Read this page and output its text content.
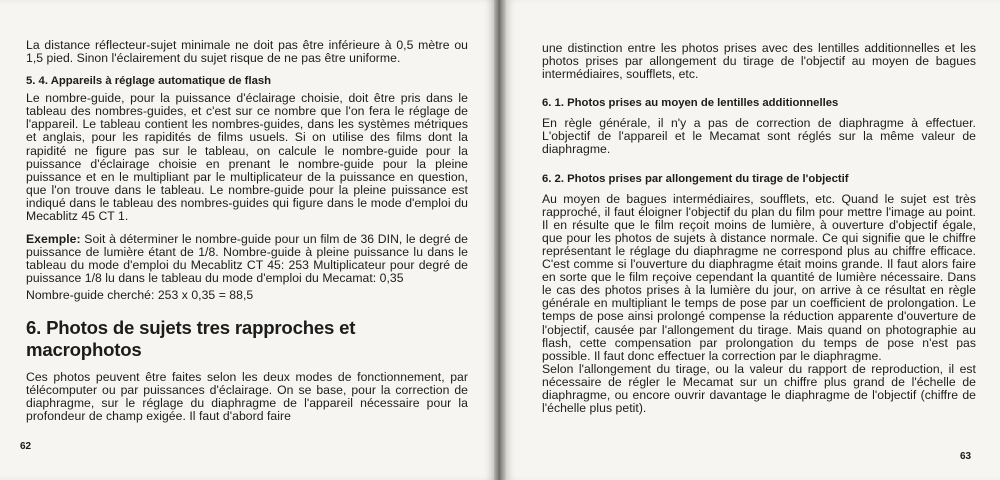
La distance réflecteur-sujet minimale ne doit pas être inférieure à 0,5 mètre ou 1,5 pied. Sinon l'éclairement du sujet risque de ne pas être uniforme.

5. 4. Appareils à réglage automatique de flash

Le nombre-guide, pour la puissance d'éclairage choisie, doit être pris dans le tableau des nombres-guides, et c'est sur ce nombre que l'on fera le réglage de l'appareil. Le tableau contient les nombres-guides, dans les systèmes métriques et anglais, pour les rapidités de films usuels. Si on utilise des films dont la rapidité ne figure pas sur le tableau, on calcule le nombre-guide pour la puissance d'éclairage choisie en prenant le nombre-guide pour la pleine puissance et en le multipliant par le multiplicateur de la puissance en question, que l'on trouve dans le tableau. Le nombre-guide pour la pleine puissance est indiqué dans le tableau des nombres-guides qui figure dans le mode d'emploi du Mecablitz 45 CT 1.

Exemple: Soit à déterminer le nombre-guide pour un film de 36 DIN, le degré de puissance de lumière étant de 1/8. Nombre-guide à pleine puissance lu dans le tableau du mode d'emploi du Mecablitz CT 45: 253 Multiplicateur pour degré de puissance 1/8 lu dans le tableau du mode d'emploi du Mecamat: 0,35

Nombre-guide cherché: 253 x 0,35 = 88,5

6. Photos de sujets tres rapproches et macrophotos

Ces photos peuvent être faites selon les deux modes de fonctionnement, par télécomputer ou par puissances d'éclairage. On se base, pour la correction de diaphragme, sur le réglage du diaphragme de l'appareil nécessaire pour la profondeur de champ exigée. Il faut d'abord faire

62

une distinction entre les photos prises avec des lentilles additionnelles et les photos prises par allongement du tirage de l'objectif au moyen de bagues intermédiaires, soufflets, etc.

6. 1. Photos prises au moyen de lentilles additionnelles

En règle générale, il n'y a pas de correction de diaphragme à effectuer. L'objectif de l'appareil et le Mecamat sont réglés sur la même valeur de diaphragme.

6. 2. Photos prises par allongement du tirage de l'objectif

Au moyen de bagues intermédiaires, soufflets, etc. Quand le sujet est très rapproché, il faut éloigner l'objectif du plan du film pour mettre l'image au point. Il en résulte que le film reçoit moins de lumière, à ouverture d'objectif égale, que pour les photos de sujets à distance normale. Ce qui signifie que le chiffre représentant le réglage du diaphragme ne correspond plus au chiffre efficace. C'est comme si l'ouverture du diaphragme était moins grande. Il faut alors faire en sorte que le film reçoive cependant la quantité de lumière nécessaire. Dans le cas des photos prises à la lumière du jour, on arrive à ce résultat en règle générale en multipliant le temps de pose par un coefficient de prolongation. Le temps de pose ainsi prolongé compense la réduction apparente d'ouverture de l'objectif, causée par l'allongement du tirage. Mais quand on photographie au flash, cette compensation par prolongation du temps de pose n'est pas possible. Il faut donc effectuer la correction par le diaphragme.

Selon l'allongement du tirage, ou la valeur du rapport de reproduction, il est nécessaire de régler le Mecamat sur un chiffre plus grand de l'échelle de diaphragme, ou encore ouvrir davantage le diaphragme de l'objectif (chiffre de l'échelle plus petit).

63
